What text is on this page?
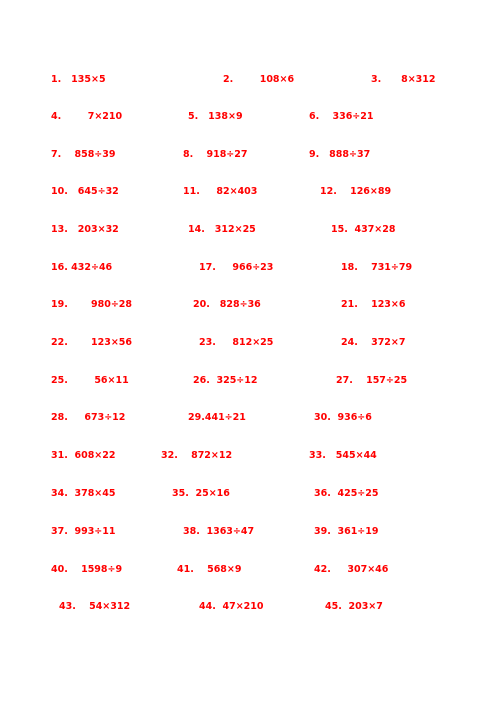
1. 135×5	2.	108×6	3. 8×312
4.	7×210	5. 138×9	6. 336÷21
7. 858÷39	8. 918÷27	9. 888÷37
10. 645÷32	11. 82×403	12. 126×89
13. 203×32	14. 312×25	15. 437×28
16. 432÷46	17. 966÷23	18. 731÷79
19. 980÷28	20. 828÷36	21. 123×6
22. 123×56	23. 812×25	24. 372×7
25.	56×11	26. 325÷12	27. 157÷25
28. 673÷12	29.441÷21	30. 936÷6
31. 608×22	32. 872×12	33. 545×44
34. 378×45	35. 25×16	36. 425÷25
37. 993÷11	38. 1363÷47	39. 361÷19
40. 1598÷9	41. 568×9	42. 307×46
43. 54×312	44. 47×210	45. 203×7
